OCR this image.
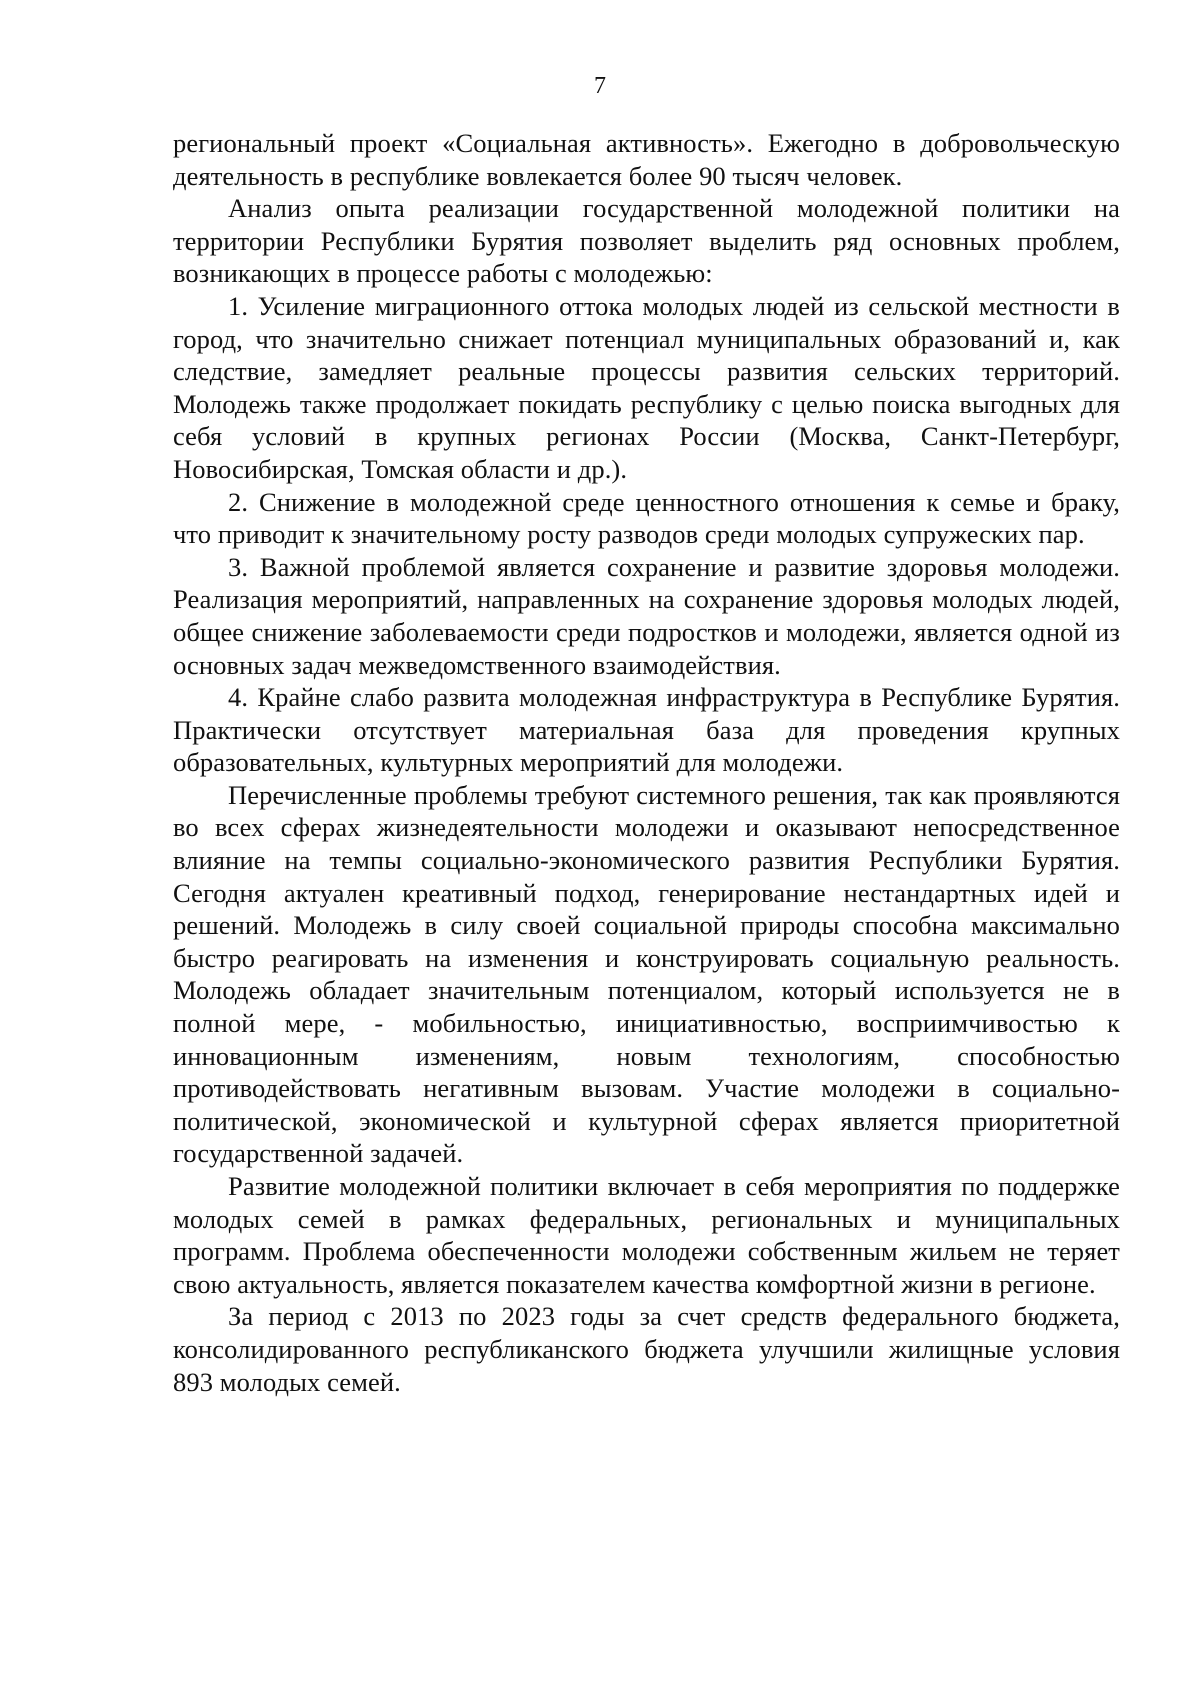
7

региональный проект «Социальная активность». Ежегодно в добровольческую деятельность в республике вовлекается более 90 тысяч человек.

Анализ опыта реализации государственной молодежной политики на территории Республики Бурятия позволяет выделить ряд основных проблем, возникающих в процессе работы с молодежью:

1. Усиление миграционного оттока молодых людей из сельской местности в город, что значительно снижает потенциал муниципальных образований и, как следствие, замедляет реальные процессы развития сельских территорий. Молодежь также продолжает покидать республику с целью поиска выгодных для себя условий в крупных регионах России (Москва, Санкт-Петербург, Новосибирская, Томская области и др.).

2. Снижение в молодежной среде ценностного отношения к семье и браку, что приводит к значительному росту разводов среди молодых супружеских пар.

3. Важной проблемой является сохранение и развитие здоровья молодежи. Реализация мероприятий, направленных на сохранение здоровья молодых людей, общее снижение заболеваемости среди подростков и молодежи, является одной из основных задач межведомственного взаимодействия.

4. Крайне слабо развита молодежная инфраструктура в Республике Бурятия. Практически отсутствует материальная база для проведения крупных образовательных, культурных мероприятий для молодежи.

Перечисленные проблемы требуют системного решения, так как проявляются во всех сферах жизнедеятельности молодежи и оказывают непосредственное влияние на темпы социально-экономического развития Республики Бурятия. Сегодня актуален креативный подход, генерирование нестандартных идей и решений. Молодежь в силу своей социальной природы способна максимально быстро реагировать на изменения и конструировать социальную реальность. Молодежь обладает значительным потенциалом, который используется не в полной мере, - мобильностью, инициативностью, восприимчивостью к инновационным изменениям, новым технологиям, способностью противодействовать негативным вызовам. Участие молодежи в социально-политической, экономической и культурной сферах является приоритетной государственной задачей.

Развитие молодежной политики включает в себя мероприятия по поддержке молодых семей в рамках федеральных, региональных и муниципальных программ. Проблема обеспеченности молодежи собственным жильем не теряет свою актуальность, является показателем качества комфортной жизни в регионе.

За период с 2013 по 2023 годы за счет средств федерального бюджета, консолидированного республиканского бюджета улучшили жилищные условия 893 молодых семей.
